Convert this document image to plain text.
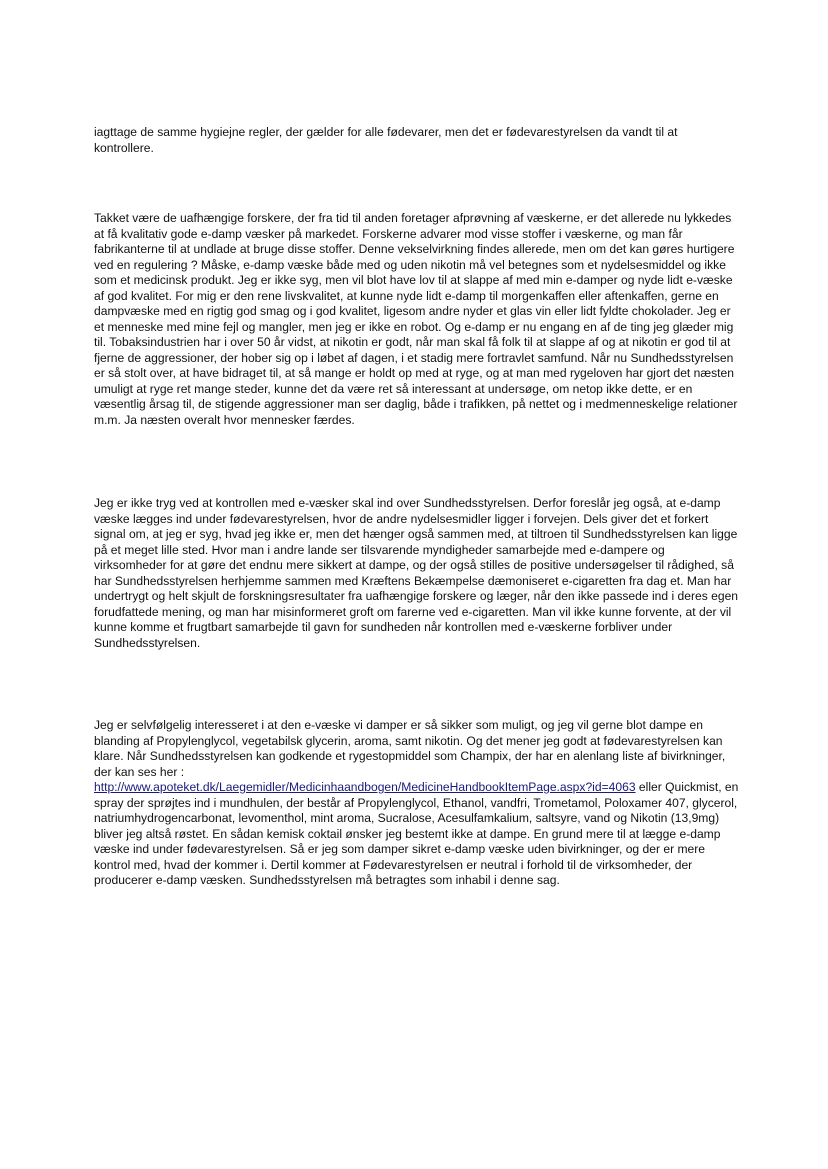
iagttage de samme hygiejne regler, der gælder for alle fødevarer, men det er fødevarestyrelsen da vandt til at kontrollere.

Takket være de uafhængige forskere, der fra tid til anden foretager afprøvning af væskerne, er det allerede nu lykkedes at få kvalitativ gode e-damp væsker på markedet. Forskerne advarer mod visse stoffer i væskerne, og man får fabrikanterne til at undlade at bruge disse stoffer. Denne vekselvirkning findes allerede, men om det kan gøres hurtigere ved en regulering ? Måske, e-damp væske både med og uden nikotin må vel betegnes som et nydelsesmiddel og ikke som et medicinsk produkt. Jeg er ikke syg, men vil blot have lov til at slappe af med min e-damper og nyde lidt e-væske af god kvalitet. For mig er den rene livskvalitet, at kunne nyde lidt e-damp til morgenkaffen eller aftenkaffen, gerne en dampvæske med en rigtig god smag og i god kvalitet, ligesom andre nyder et glas vin eller lidt fyldte chokolader. Jeg er et menneske med mine fejl og mangler, men jeg er ikke en robot. Og e-damp er nu engang en af de ting jeg glæder mig til. Tobaksindustrien har i over 50 år vidst, at nikotin er godt, når man skal få folk til at slappe af og at nikotin er god til at fjerne de aggressioner, der hober sig op i løbet af dagen, i et stadig mere fortravlet samfund. Når nu Sundhedsstyrelsen er så stolt over, at have bidraget til, at så mange er holdt op med at ryge, og at man med rygeloven har gjort det næsten umuligt at ryge ret mange steder, kunne det da være ret så interessant at undersøge, om netop ikke dette, er en væsentlig årsag til, de stigende aggressioner man ser daglig, både i trafikken, på nettet og i medmenneskelige relationer m.m. Ja næsten overalt hvor mennesker færdes.

Jeg er ikke tryg ved at kontrollen med e-væsker skal ind over Sundhedsstyrelsen. Derfor foreslår jeg også, at e-damp væske lægges ind under fødevarestyrelsen, hvor de andre nydelsesmidler ligger i forvejen. Dels giver det et forkert signal om, at jeg er syg, hvad jeg ikke er, men det hænger også sammen med, at tiltroen til Sundhedsstyrelsen kan ligge på et meget lille sted. Hvor man i andre lande ser tilsvarende myndigheder samarbejde med e-dampere og virksomheder for at gøre det endnu mere sikkert at dampe, og der også stilles de positive undersøgelser til rådighed, så har Sundhedsstyrelsen herhjemme sammen med Kræftens Bekæmpelse dæmoniseret e-cigaretten fra dag et. Man har undertrygt og helt skjult de forskningsresultater fra uafhængige forskere og læger, når den ikke passede ind i deres egen forudfattede mening, og man har misinformeret groft om farerne ved e-cigaretten. Man vil ikke kunne forvente, at der vil kunne komme et frugtbart samarbejde til gavn for sundheden når kontrollen med e-væskerne forbliver under Sundhedsstyrelsen.

Jeg er selvfølgelig interesseret i at den e-væske vi damper er så sikker som muligt, og jeg vil gerne blot dampe en blanding af Propylenglycol, vegetabilsk glycerin, aroma, samt nikotin. Og det mener jeg godt at fødevarestyrelsen kan klare. Når Sundhedsstyrelsen kan godkende et rygestopmiddel som Champix, der har en alenlang liste af bivirkninger, der kan ses her :
http://www.apoteket.dk/Laegemidler/Medicinhaandbogen/MedicineHandbookItemPage.aspx?id=4063 eller Quickmist, en spray der sprøjtes ind i mundhulen, der består af Propylenglycol, Ethanol, vandfri, Trometamol, Poloxamer 407, glycerol, natriumhydrogencarbonat, levomenthol, mint aroma, Sucralose, Acesulfamkalium, saltsyre, vand og Nikotin (13,9mg) bliver jeg altså røstet. En sådan kemisk coktail ønsker jeg bestemt ikke at dampe. En grund mere til at lægge e-damp væske ind under fødevarestyrelsen. Så er jeg som damper sikret e-damp væske uden bivirkninger, og der er mere kontrol med, hvad der kommer i. Dertil kommer at Fødevarestyrelsen er neutral i forhold til de virksomheder, der producerer e-damp væsken. Sundhedsstyrelsen må betragtes som inhabil i denne sag.
